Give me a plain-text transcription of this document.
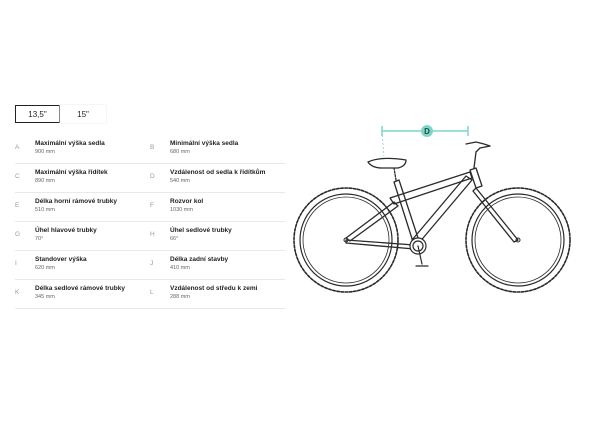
13,5"	15"
A
Maximální výška sedla
900 mm
B
Minimální výška sedla
680 mm
C
Maximální výška řídítek
890 mm
D
Vzdálenost od sedla k řídítkům
540 mm
E
Délka horní rámové trubky
510 mm
F
Rozvor kol
1030 mm
G
Úhel hlavové trubky
70°
H
Úhel sedlové trubky
66°
I
Standover výška
620 mm
J
Délka zadní stavby
410 mm
K
Délka sedlové rámové trubky
345 mm
L
Vzdálenost od středu k zemi
288 mm
D
